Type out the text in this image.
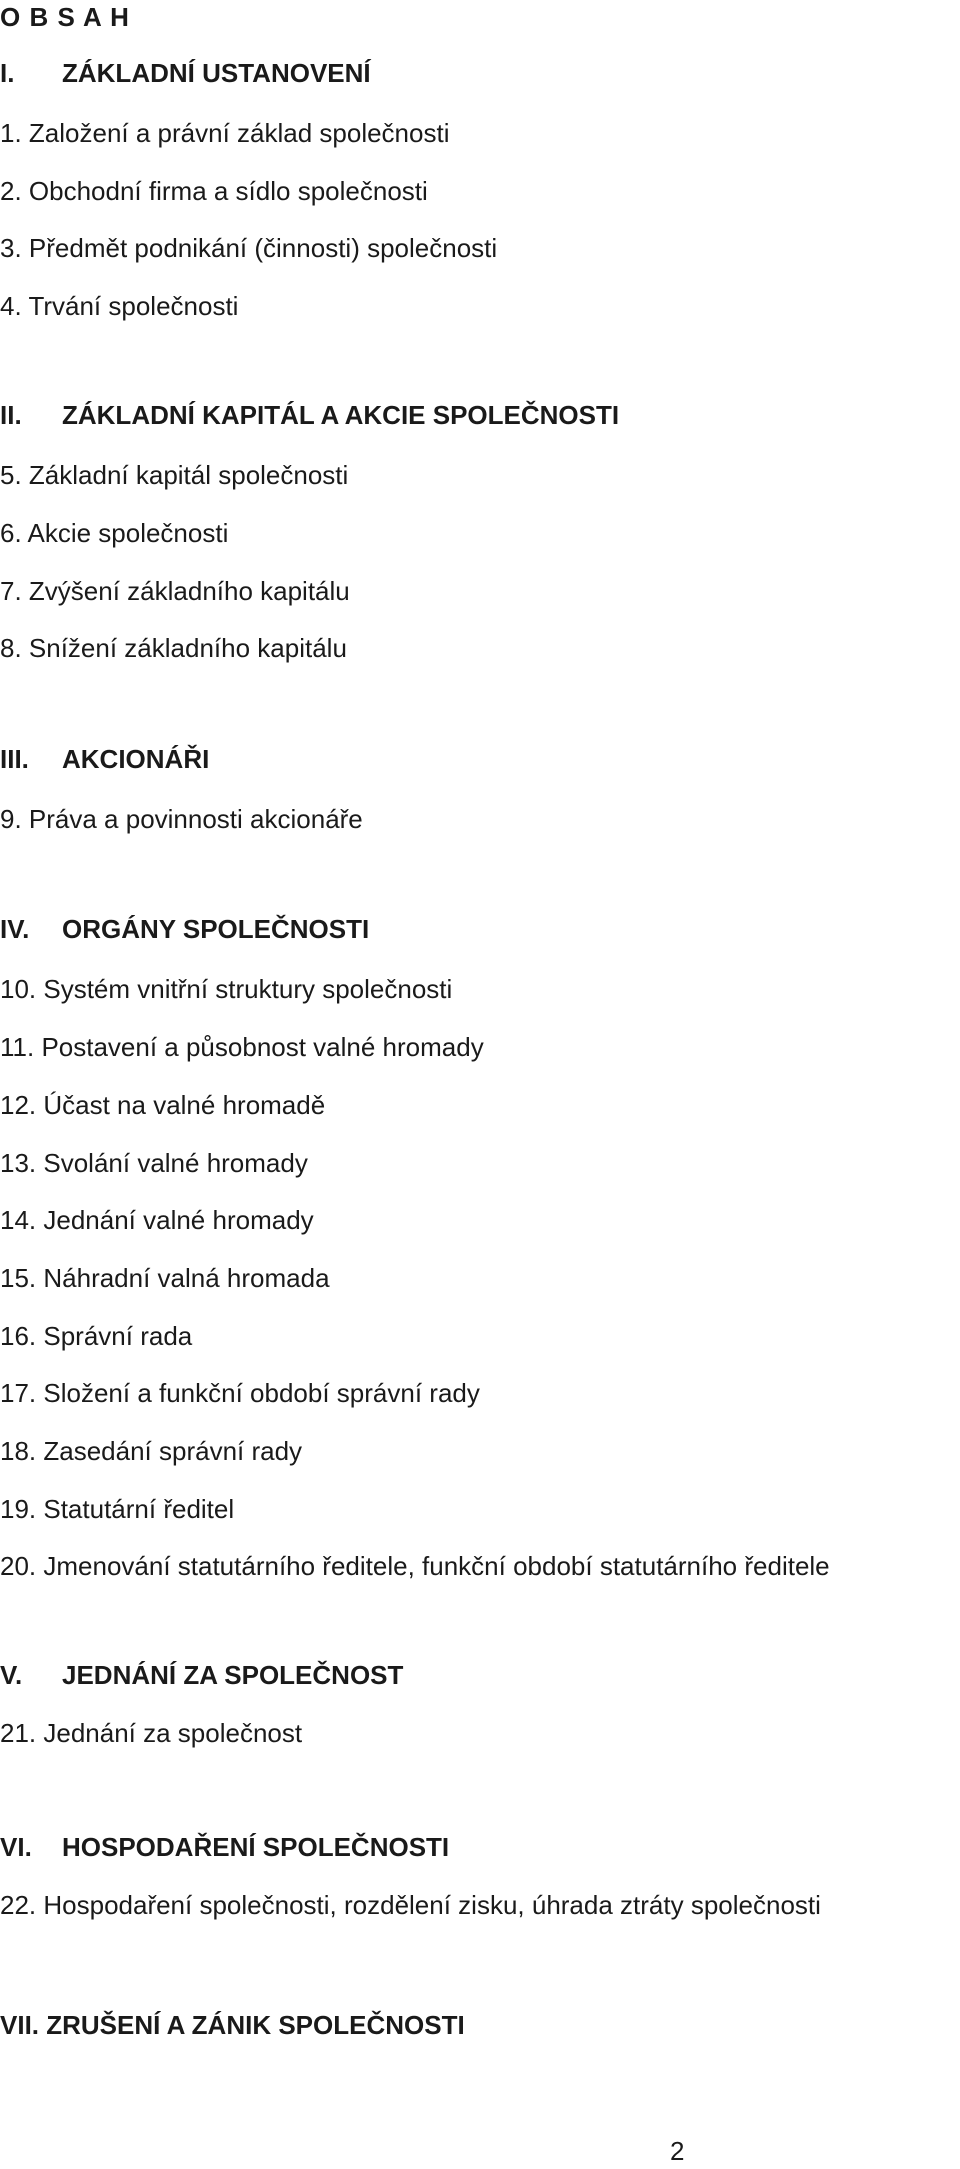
O B S A H
I. ZÁKLADNÍ USTANOVENÍ
1. Založení a právní základ společnosti
2. Obchodní firma a sídlo společnosti
3. Předmět podnikání (činnosti) společnosti
4. Trvání společnosti
II. ZÁKLADNÍ KAPITÁL A AKCIE SPOLEČNOSTI
5. Základní kapitál společnosti
6. Akcie společnosti
7. Zvýšení základního kapitálu
8. Snížení základního kapitálu
III. AKCIONÁŘI
9. Práva a povinnosti akcionáře
IV. ORGÁNY SPOLEČNOSTI
10. Systém vnitřní struktury společnosti
11. Postavení a působnost valné hromady
12. Účast na valné hromadě
13. Svolání valné hromady
14. Jednání valné hromady
15. Náhradní valná hromada
16. Správní rada
17. Složení a funkční období správní rady
18. Zasedání správní rady
19. Statutární ředitel
20. Jmenování statutárního ředitele, funkční období statutárního ředitele
V. JEDNÁNÍ ZA SPOLEČNOST
21. Jednání za společnost
VI. HOSPODAŘENÍ SPOLEČNOSTI
22. Hospodaření společnosti, rozdělení zisku, úhrada ztráty společnosti
VII. ZRUŠENÍ A ZÁNIK SPOLEČNOSTI
2
